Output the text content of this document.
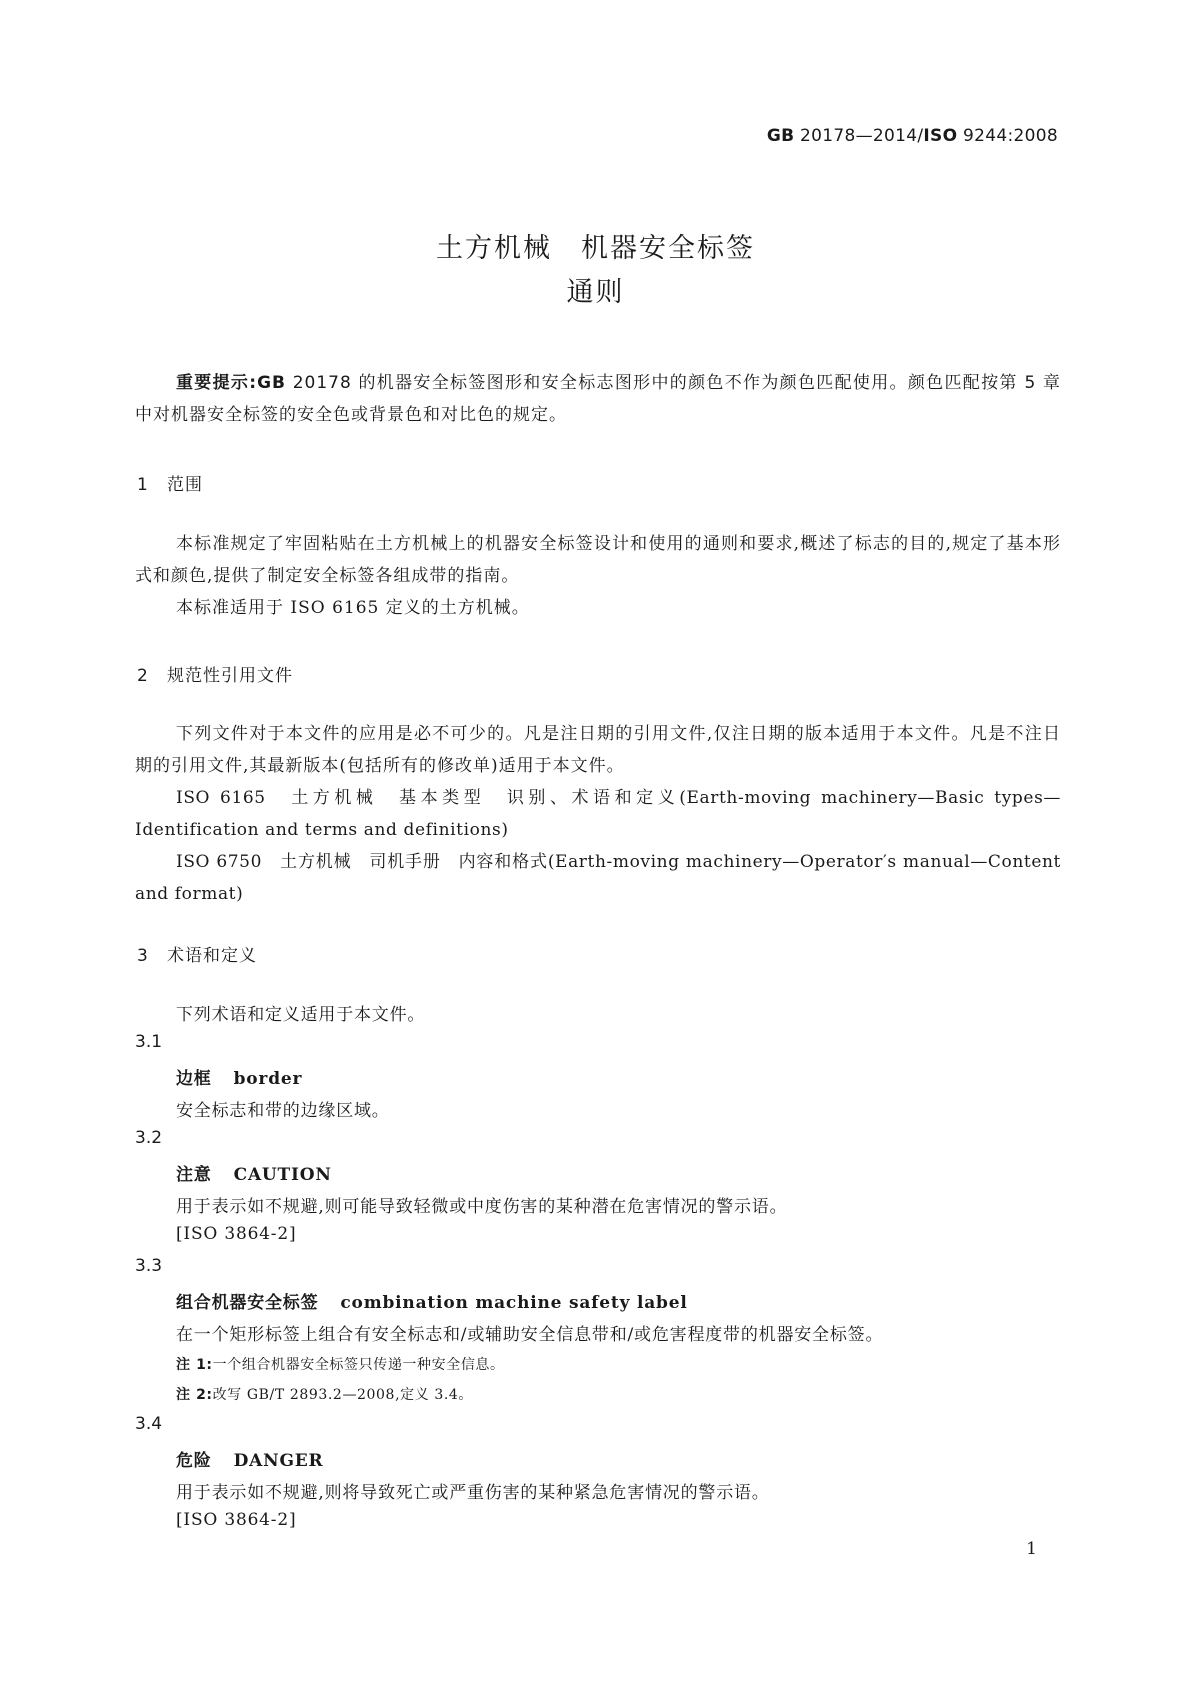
GB 20178—2014/ISO 9244:2008
土方机械　机器安全标签
通则
重要提示:GB 20178 的机器安全标签图形和安全标志图形中的颜色不作为颜色匹配使用。颜色匹配按第 5 章中对机器安全标签的安全色或背景色和对比色的规定。
1 范围
本标准规定了牢固粘贴在土方机械上的机器安全标签设计和使用的通则和要求,概述了标志的目的,规定了基本形式和颜色,提供了制定安全标签各组成带的指南。
本标准适用于 ISO 6165 定义的土方机械。
2 规范性引用文件
下列文件对于本文件的应用是必不可少的。凡是注日期的引用文件,仅注日期的版本适用于本文件。凡是不注日期的引用文件,其最新版本(包括所有的修改单)适用于本文件。
ISO 6165　土方机械　基本类型　识别、术语和定义(Earth-moving machinery—Basic types—Identification and terms and definitions)
ISO 6750　土方机械　司机手册　内容和格式(Earth-moving machinery—Operator′s manual—Content and format)
3 术语和定义
下列术语和定义适用于本文件。
3.1
边框 border
安全标志和带的边缘区域。
3.2
注意 CAUTION
用于表示如不规避,则可能导致轻微或中度伤害的某种潜在危害情况的警示语。
[ISO 3864-2]
3.3
组合机器安全标签 combination machine safety label
在一个矩形标签上组合有安全标志和/或辅助安全信息带和/或危害程度带的机器安全标签。
注 1:一个组合机器安全标签只传递一种安全信息。
注 2:改写 GB/T 2893.2—2008,定义 3.4。
3.4
危险 DANGER
用于表示如不规避,则将导致死亡或严重伤害的某种紧急危害情况的警示语。
[ISO 3864-2]
1
